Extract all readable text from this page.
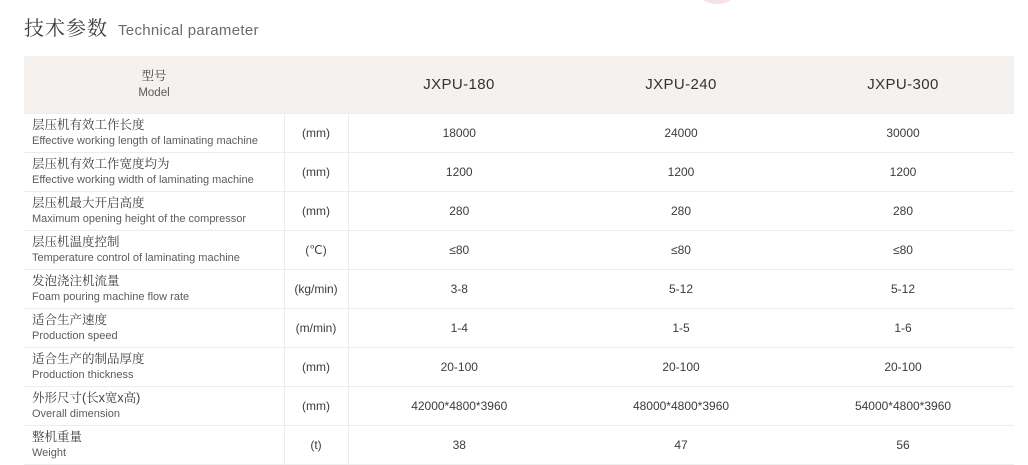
技术参数 Technical parameter
型号
Model		JXPU-180	JXPU-240	JXPU-300

层压机有效工作长度
Effective working length of laminating machine	(mm)	18000	24000	30000

层压机有效工作宽度均为
Effective working width of laminating machine	(mm)	1200	1200	1200

层压机最大开启高度
Maximum opening height of the compressor	(mm)	280	280	280

层压机温度控制
Temperature control of laminating machine	(℃)	≤80	≤80	≤80

发泡浇注机流量
Foam pouring machine flow rate	(kg/min)	3-8	5-12	5-12

适合生产速度
Production speed	(m/min)	1-4	1-5	1-6

适合生产的制品厚度
Production thickness	(mm)	20-100	20-100	20-100

外形尺寸(长x宽x高)
Overall dimension	(mm)	42000*4800*3960	48000*4800*3960	54000*4800*3960

整机重量
Weight	(t)	38	47	56
